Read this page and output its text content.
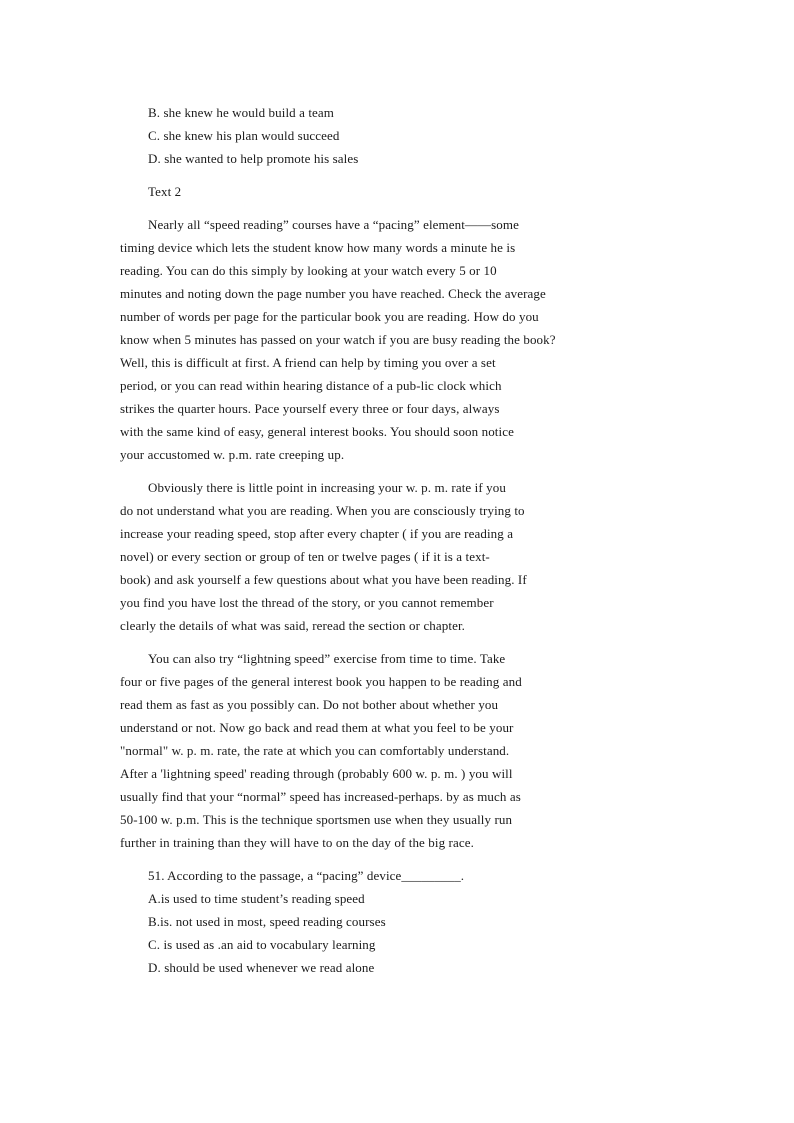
B. she knew he would build a team
C. she knew his plan would succeed
D. she wanted to help promote his sales
Text 2
Nearly all “speed reading” courses have a “pacing” element——some
timing device which lets the student know how many words a minute he is
reading. You can do this simply by looking at your watch every 5 or 10
minutes and noting down the page number you have reached. Check the average
number of words per page for the particular book you are reading. How do you
know when 5 minutes has passed on your watch if you are busy reading the book?
Well, this is difficult at first. A friend can help by timing you over a set
period, or you can read within hearing distance of a pub-lic clock which
strikes the quarter hours. Pace yourself every three or four days, always
with the same kind of easy, general interest books. You should soon notice
your accustomed w. p.m. rate creeping up.
Obviously there is little point in increasing your w. p. m. rate if you
do not understand what you are reading. When you are consciously trying to
increase your reading speed, stop after every chapter ( if you are reading a
novel) or every section or group of ten or twelve pages ( if it is a text-
book) and ask yourself a few questions about what you have been reading. If
you find you have lost the thread of the story, or you cannot remember
clearly the details of what was said, reread the section or chapter.
You can also try “lightning speed” exercise from time to time. Take
four or five pages of the general interest book you happen to be reading and
read them as fast as you possibly can. Do not bother about whether you
understand or not. Now go back and read them at what you feel to be your
"normal" w. p. m. rate, the rate at which you can comfortably understand.
After a 'lightning speed' reading through (probably 600 w. p. m. ) you will
usually find that your “normal” speed has increased-perhaps. by as much as
50-100 w. p.m. This is the technique sportsmen use when they usually run
further in training than they will have to on the day of the big race.
51. According to the passage, a “pacing” device_________.
A.is used to time student’s reading speed
B.is. not used in most, speed reading courses
C. is used as .an aid to vocabulary learning
D. should be used whenever we read alone
